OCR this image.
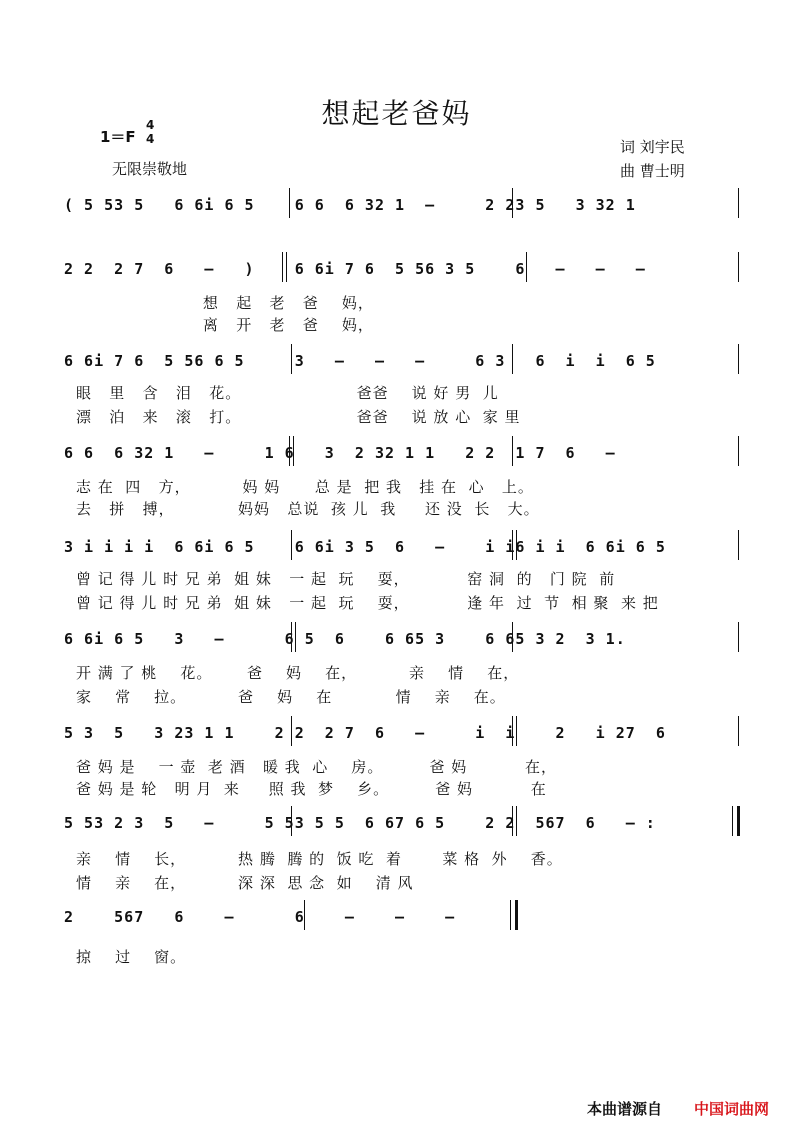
想起老爸妈
1＝F
4
4
无限崇敬地
词 刘宇民
曲 曹士明
( 5 53 5   6 6i 6 5    6 6  6 32 1  –     2 23 5   3 32 1
2 2  2 7  6   –   )    6 6i 7 6  5 56 3 5    6   –   –   –
想   起   老   爸    妈，
离   开   老   爸    妈，
6 6i 7 6  5 56 6 5     3   –   –   –     6 3   6  i  i  6 5
眼   里   含   泪   花。                    爸爸    说 好 男  儿
漂   泊   来   滚   打。                    爸爸    说 放 心  家 里
6 6  6 32 1   –     1 6   3  2 32 1 1   2 2  1 7  6   –
志 在  四   方，         妈 妈      总 是  把 我   挂 在  心   上。
去   拼   搏，           妈妈   总说  孩 儿  我     还 没  长   大。
3 i i i i  6 6i 6 5    6 6i 3 5  6   –    i i6 i i  6 6i 6 5
曾 记 得 儿 时 兄 弟  姐 妹   一 起  玩    耍，          窑 洞  的   门 院  前
曾 记 得 儿 时 兄 弟  姐 妹   一 起  玩    耍，          逢 年  过  节  相 聚  来 把
6 6i 6 5   3   –      6 5  6    6 65 3    6 65 3 2  3 1.
开 满 了 桃    花。      爸    妈    在，         亲    情    在，
家    常    拉。         爸    妈    在           情    亲    在。
5 3  5   3 23 1 1    2 2  2 7  6   –     i  i    2   i 27  6
爸 妈 是    一 壶  老 酒   暖 我  心    房。        爸 妈          在，
爸 妈 是 轮   明 月  来     照 我  梦    乡。        爸 妈          在
5 53 2 3  5   –     5 53 5 5  6 67 6 5    2 2  567  6   – :
亲    情    长，         热 腾  腾 的  饭 吃  着       菜 格  外    香。
情    亲    在，         深 深  思 念  如    清 风
2    567   6    –      6    –    –    –
掠    过    窗。
本曲谱源自 中国词曲网
